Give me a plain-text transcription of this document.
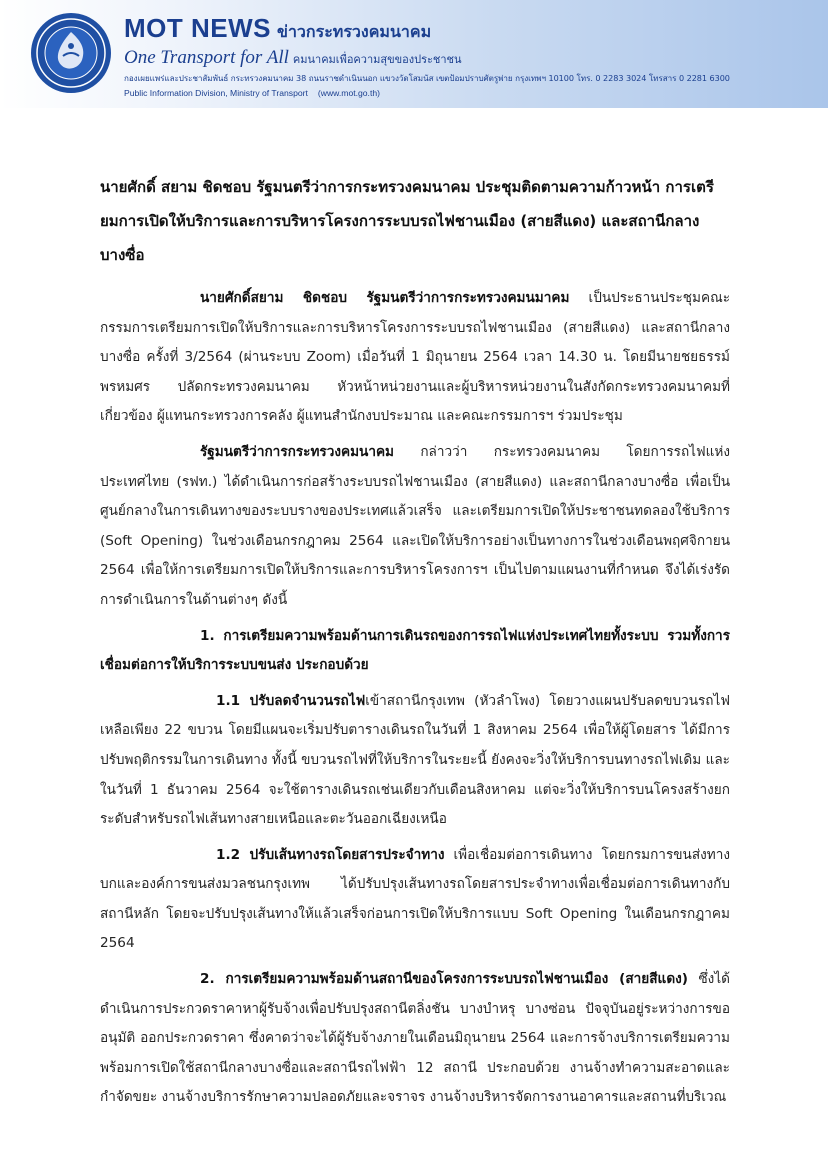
MOT NEWS ข่าวกระทรวงคมนาคม
One Transport for All คมนาคมเพื่อความสุขของประชาชน
กองเผยแพร่และประชาสัมพันธ์ กระทรวงคมนาคม 38 ถนนราชดำเนินนอก แขวงวัดโสมนัส เขตป้อมปราบศัตรูพ่าย กรุงเทพฯ 10100 โทร. 0 2283 3024 โทรสาร 0 2281 6300
Public Information Division, Ministry of Transport (www.mot.go.th)
นายศักดิ์ สยาม ชิดชอบ รัฐมนตรีว่าการกระทรวงคมนาคม ประชุมติดตามความก้าวหน้า การเตรียมการเปิดให้บริการและการบริหารโครงการระบบรถไฟชานเมือง (สายสีแดง) และสถานีกลางบางซื่อ
นายศักดิ์สยาม ชิดชอบ รัฐมนตรีว่าการกระทรวงคมนมาคม เป็นประธานประชุมคณะกรรมการเตรียมการเปิดให้บริการและการบริหารโครงการระบบรถไฟชานเมือง (สายสีแดง) และสถานีกลางบางซื่อ ครั้งที่ 3/2564 (ผ่านระบบ Zoom) เมื่อวันที่ 1 มิถุนายน 2564 เวลา 14.30 น. โดยมีนายชยธรรม์ พรหมศร ปลัดกระทรวงคมนาคม หัวหน้าหน่วยงานและผู้บริหารหน่วยงานในสังกัดกระทรวงคมนาคมที่เกี่ยวข้อง ผู้แทนกระทรวงการคลัง ผู้แทนสำนักงบประมาณ และคณะกรรมการฯ ร่วมประชุม
รัฐมนตรีว่าการกระทรวงคมนาคม กล่าวว่า กระทรวงคมนาคม โดยการรถไฟแห่งประเทศไทย (รฟท.) ได้ดำเนินการก่อสร้างระบบรถไฟชานเมือง (สายสีแดง) และสถานีกลางบางซื่อ เพื่อเป็นศูนย์กลางในการเดินทางของระบบรางของประเทศแล้วเสร็จ และเตรียมการเปิดให้ประชาชนทดลองใช้บริการ (Soft Opening) ในช่วงเดือนกรกฎาคม 2564 และเปิดให้บริการอย่างเป็นทางการในช่วงเดือนพฤศจิกายน 2564 เพื่อให้การเตรียมการเปิดให้บริการและการบริหารโครงการฯ เป็นไปตามแผนงานที่กำหนด จึงได้เร่งรัดการดำเนินการในด้านต่างๆ ดังนี้
1. การเตรียมความพร้อมด้านการเดินรถของการรถไฟแห่งประเทศไทยทั้งระบบ รวมทั้งการเชื่อมต่อการให้บริการระบบขนส่ง ประกอบด้วย
1.1 ปรับลดจำนวนรถไฟเข้าสถานีกรุงเทพ (หัวลำโพง) โดยวางแผนปรับลดขบวนรถไฟเหลือเพียง 22 ขบวน โดยมีแผนจะเริ่มปรับตารางเดินรถในวันที่ 1 สิงหาคม 2564 เพื่อให้ผู้โดยสาร ได้มีการปรับพฤติกรรมในการเดินทาง ทั้งนี้ ขบวนรถไฟที่ให้บริการในระยะนี้ ยังคงจะวิ่งให้บริการบนทางรถไฟเดิม และในวันที่ 1 ธันวาคม 2564 จะใช้ตารางเดินรถเช่นเดียวกับเดือนสิงหาคม แต่จะวิ่งให้บริการบนโครงสร้างยกระดับสำหรับรถไฟเส้นทางสายเหนือและตะวันออกเฉียงเหนือ
1.2 ปรับเส้นทางรถโดยสารประจำทาง เพื่อเชื่อมต่อการเดินทาง โดยกรมการขนส่งทางบกและองค์การขนส่งมวลชนกรุงเทพ ได้ปรับปรุงเส้นทางรถโดยสารประจำทางเพื่อเชื่อมต่อการเดินทางกับสถานีหลัก โดยจะปรับปรุงเส้นทางให้แล้วเสร็จก่อนการเปิดให้บริการแบบ Soft Opening ในเดือนกรกฎาคม 2564
2. การเตรียมความพร้อมด้านสถานีของโครงการระบบรถไฟชานเมือง (สายสีแดง) ซึ่งได้ดำเนินการประกวดราคาหาผู้รับจ้างเพื่อปรับปรุงสถานีตลิ่งชัน บางบำหรุ บางซ่อน ปัจจุบันอยู่ระหว่างการขออนุมัติ ออกประกวดราคา ซึ่งคาดว่าจะได้ผู้รับจ้างภายในเดือนมิถุนายน 2564 และการจ้างบริการเตรียมความพร้อมการเปิดใช้สถานีกลางบางซื่อและสถานีรถไฟฟ้า 12 สถานี ประกอบด้วย งานจ้างทำความสะอาดและกำจัดขยะ งานจ้างบริการรักษาความปลอดภัยและจราจร งานจ้างบริหารจัดการงานอาคารและสถานที่บริเวณ
